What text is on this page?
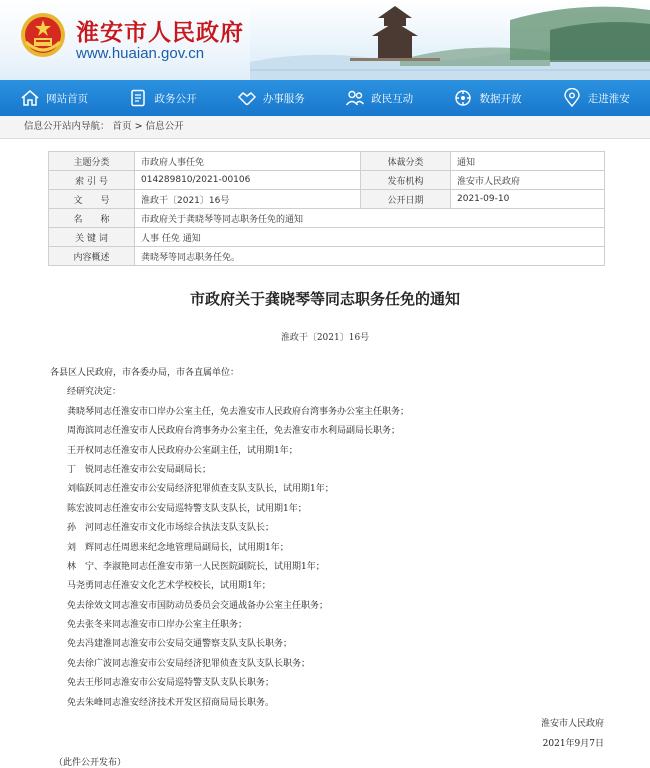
淮安市人民政府
www.huaian.gov.cn
网站首页	政务公开	办事服务	政民互动	数据开放	走进淮安
信息公开站内导航： 首页 > 信息公开
主题分类	市政府人事任免	体裁分类	通知
索 引 号	014289810/2021-00106	发布机构	淮安市人民政府
文　　号	淮政干〔2021〕16号	公开日期	2021-09-10
名　　称	市政府关于龚晓琴等同志职务任免的通知		
关 键 词	人事 任免 通知		
内容概述	龚晓琴等同志职务任免。		
市政府关于龚晓琴等同志职务任免的通知
淮政干〔2021〕16号

各县区人民政府，市各委办局，市各直属单位：

经研究决定：

龚晓琴同志任淮安市口岸办公室主任，免去淮安市人民政府台湾事务办公室主任职务；

周海滨同志任淮安市人民政府台湾事务办公室主任，免去淮安市水利局副局长职务；

王开权同志任淮安市人民政府办公室副主任，试用期1年；

丁　锐同志任淮安市公安局副局长；

刘临跃同志任淮安市公安局经济犯罪侦查支队支队长，试用期1年；

陈宏波同志任淮安市公安局巡特警支队支队长，试用期1年；

孙　河同志任淮安市文化市场综合执法支队支队长；

刘　辉同志任周恩来纪念地管理局副局长，试用期1年；

林　宁、李淑艳同志任淮安市第一人民医院副院长，试用期1年；

马尧勇同志任淮安文化艺术学校校长，试用期1年；

免去徐效文同志淮安市国防动员委员会交通战备办公室主任职务；

免去张冬来同志淮安市口岸办公室主任职务；

免去冯建淮同志淮安市公安局交通警察支队支队长职务；

免去徐广波同志淮安市公安局经济犯罪侦查支队支队长职务；

免去王彤同志淮安市公安局巡特警支队支队长职务；

免去朱峰同志淮安经济技术开发区招商局局长职务。

淮安市人民政府
2021年9月7日
（此件公开发布）
